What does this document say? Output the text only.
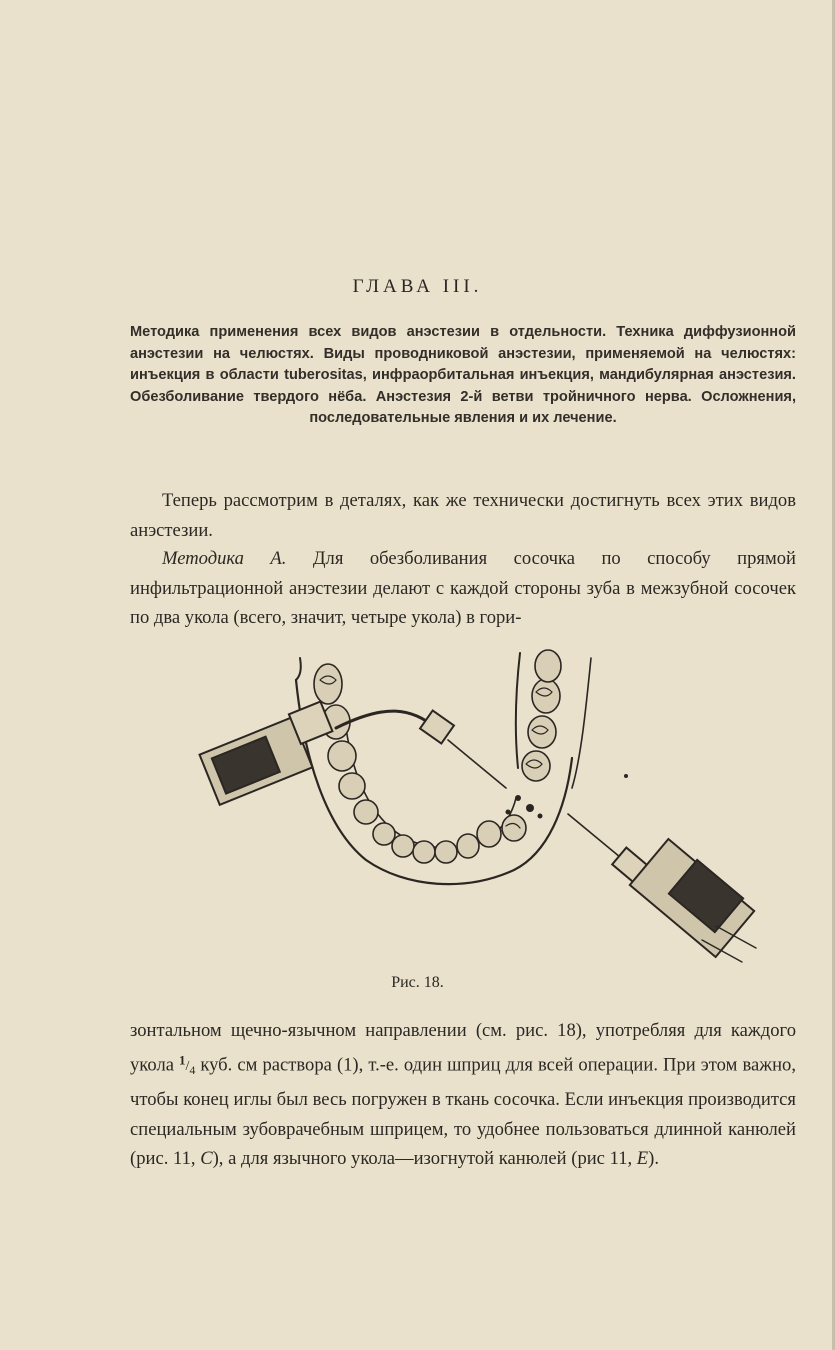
ГЛАВА III.
Методика применения всех видов анэстезии в отдельности. Техника диффузионной анэстезии на челюстях. Виды проводниковой анэстезии, применяемой на челюстях: инъекция в области tuberositas, инфраорбитальная инъекция, мандибулярная анэстезия. Обезболивание твердого нёба. Анэстезия 2-й ветви тройничного нерва. Осложнения, последовательные явления и их лечение.
Теперь рассмотрим в деталях, как же технически достигнуть всех этих видов анэстезии.
Методика А. Для обезболивания сосочка по способу прямой инфильтрационной анэстезии делают с каждой стороны зуба в межзубной сосочек по два укола (всего, значит, четыре укола) в гори-
Рис. 18.
зонтальном щечно-язычном направлении (см. рис. 18), употребляя для каждого укола $^1/_4$ куб. см раствора (1), т.-е. один шприц для всей операции. При этом важно, чтобы конец иглы был весь погружен в ткань сосочка. Если инъекция производится специальным зубоврачебным шприцем, то удобнее пользоваться длинной канюлей (рис. 11, С), а для язычного укола—изогнутой канюлей (рис 11, Е).
